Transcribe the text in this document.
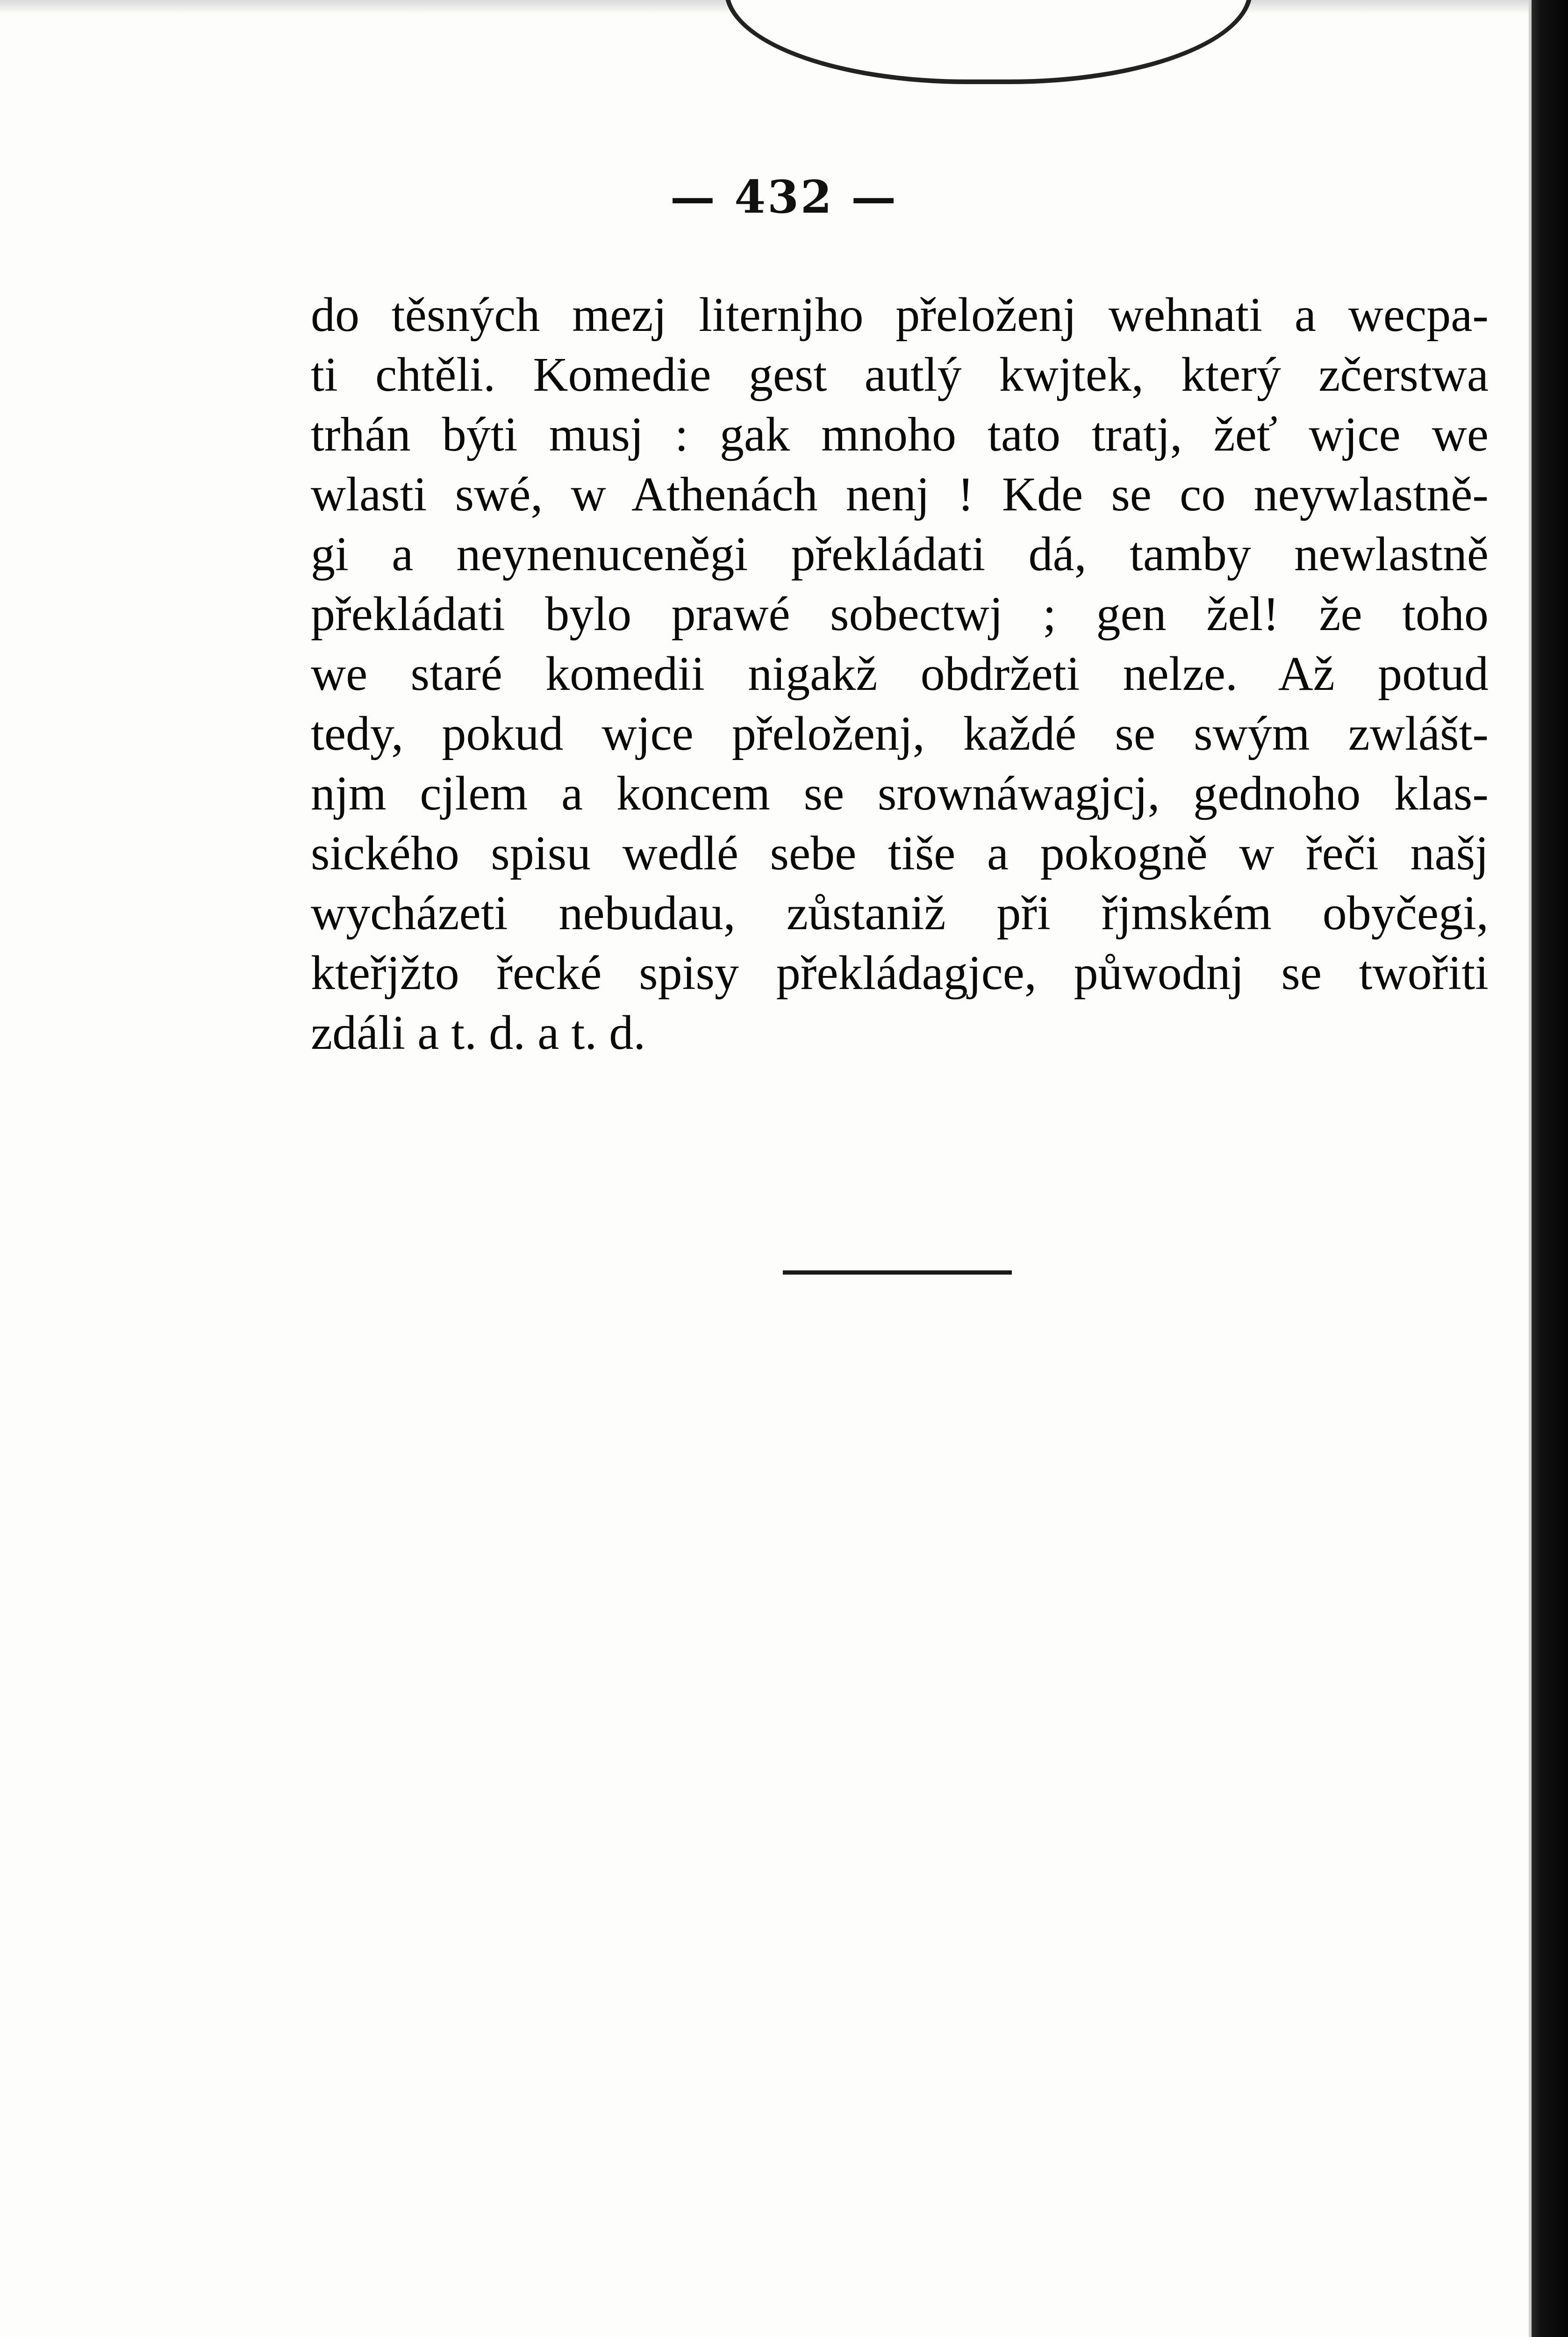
— 432 —
do těsných mezj liternjho přeloženj wehnati a wecpa-
ti chtěli. Komedie gest autlý kwjtek, který zčerstwa
trhán býti musj : gak mnoho tato tratj, žeť wjce we
wlasti swé, w Athenách nenj ! Kde se co neywlastně-
gi a neynenuceněgi překládati dá, tamby newlastně
překládati bylo prawé sobectwj ; gen žel! že toho
we staré komedii nigakž obdržeti nelze. Až potud
tedy, pokud wjce přeloženj, každé se swým zwlášt-
njm cjlem a koncem se srownáwagjcj, gednoho klas-
sického spisu wedlé sebe tiše a pokogně w řeči našj
wycházeti nebudau, zůstaniž při řjmském obyčegi,
kteřjžto řecké spisy překládagjce, půwodnj se twořiti
zdáli a t. d. a t. d.
